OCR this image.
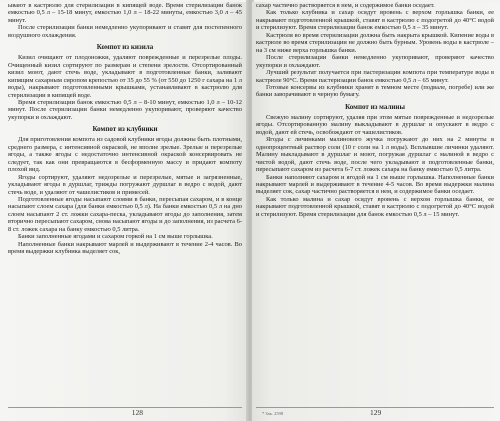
ывают в кастрюлю для стерилизации в кипящей воде. Время стерилизации банок емкостью 0,5 л – 15-18 минут, емкостью 1,0 л – 18-22 минуты, емкостью 3,0 л – 45 минут.

После стерилизации банки немедленно укупоривают и ставят для постепенного воздушного охлаждения.

Компот из кизила

Кизил очищают от плодоножки, удаляют поврежденные и перезрелые плоды. Очищенный кизил сортируют по размерам и степени зрелости. Отсортированный кизил моют, дают стечь воде, укладывают в подготовленные банки, заливают кипящим сахарным сиропом крепостью от 35 до 55 % (от 550 до 1250 г сахара на 1 л воды), накрывают подготовленными крышками, устанавливают в кастрюлю для стерилизации в кипящей воде.

Время стерилизации банок емкостью 0,5 л – 8-10 минут, емкостью 1,0 л – 10-12 минут. После стерилизации банки немедленно укупоривают, проверяют качество укупорки и охлаждают.

Компот из клубники

Для приготовления компота из садовой клубники ягоды должны быть плотными, среднего размера, с интенсивной окраской, не вполне зрелые. Зрелые и перезрелые ягоды, а также ягоды с недостаточно интенсивной окраской консервировать не следует, так как они превращаются в бесформенную массу и придают компоту плохой вид.

Ягоды сортируют, удаляют недозрелые и перезрелые, мятые и загрязненные, укладывают ягоды в дуршлаг, трижды погружают дуршлаг в ведро с водой, дают стечь воде, и удаляют от чашелистиков и примесей.

Подготовленные ягоды насыпают слоями в банки, пересыпая сахаром, и в конце насыпают слоем сахара (для банки емкостью 0,5 л). На банки емкостью 0,5 л на дно слоем насыпают 2 ст. ложки сахара-песка, укладывают ягоды до заполнения, затем вторично пересыпают сахаром, снова насыпают ягоды и до заполнения, из расчета 6-8 ст. ложек сахара на банку емкостью 0,5 литра.

Банки заполненные ягодами и сахаром горкой на 1 см выше горлышка.

Наполненные банки накрывают марлей и выдерживают в течение 2-4 часов. Во время выдержки клубника выделяет сок,

128

сахар частично растворяется в нем, и содержимое банки оседает.

Как только клубника и сахар осядут вровень с верхом горлышка банки, ее накрывают подготовленной крышкой, ставят в кастрюлю с подогретой до 40°С водой и стерилизуют. Время стерилизации банок емкостью 0,5 л – 35 минут.

Кастрюля во время стерилизации должна быть накрыта крышкой. Кипение воды в кастрюле во время стерилизации не должно быть бурным. Уровень воды в кастрюле – на 3 см ниже верха горлышка банки.

После стерилизации банки немедленно укупоривают, проверяют качество укупорки и охлаждают.

Лучший результат получается при пастеризации компота при температуре воды в кастрюле 90°С. Время пастеризации банок емкостью 0,5 л – 65 минут.

Готовые консервы из клубники хранят в темном месте (подвале, погребе) или же банки заворачивают в черную бумагу.

Компот из малины

Свежую малину сортируют, удаляя при этом мятые поврежденные и недозрелые ягоды. Отсортированную малину выкладывают в дуршлаг и опускают в ведро с водой, дают ей стечь, освобождают от чашелистиков.

Ягоды с личинками малинового жучка погружают до них на 2 минуты в однопроцентный раствор соли (10 г соли на 1 л воды). Всплывшие личинки удаляют. Малину выкладывают в дуршлаг и моют, погружая дуршлаг с малиной в ведро с чистой водой, дают стечь воде, после чего укладывают в подготовленные банки, пересыпают сахаром из расчета 6-7 ст. ложек сахара на банку емкостью 0,5 литра.

Банки наполняют сахаром и ягодой на 1 см выше горлышка. Наполненные банки накрывают марлей и выдерживают в течение 4-5 часов. Во время выдержки малина выделяет сок, сахар частично растворяется в нем, и содержимое банки оседает.

Как только малина и сахар осядут вровень с верхом горлышка банки, ее накрывают подготовленной крышкой, ставят в кастрюлю с подогретой до 40°С водой и стерилизуют. Время стерилизации для банок емкостью 0,5 л – 15 минут.

* Зак. 2598	129
